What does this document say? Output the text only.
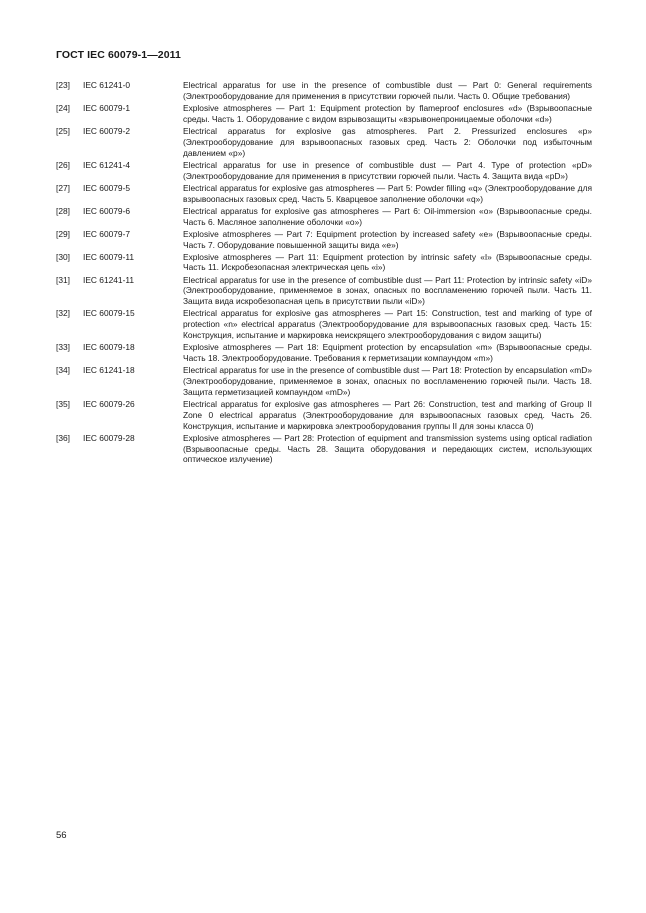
ГОСТ IEC 60079-1—2011
[23] IEC 61241-0	Electrical apparatus for use in the presence of combustible dust — Part 0: General requirements (Электрооборудование для применения в присутствии горючей пыли. Часть 0. Общие требования)
[24] IEC 60079-1	Explosive atmospheres — Part 1: Equipment protection by flameproof enclosures «d» (Взрывоопасные среды. Часть 1. Оборудование с видом взрывозащиты «взрывонепроницаемые оболочки «d»)
[25] IEC 60079-2	Electrical apparatus for explosive gas atmospheres. Part 2. Pressurized enclosures «p» (Электрооборудование для взрывоопасных газовых сред. Часть 2: Оболочки под избыточным давлением «p»)
[26] IEC 61241-4	Electrical apparatus for use in presence of combustible dust — Part 4. Type of protection «pD» (Электрооборудование для применения в присутствии горючей пыли. Часть 4. Защита вида «pD»)
[27] IEC 60079-5	Electrical apparatus for explosive gas atmospheres — Part 5: Powder filling «q» (Электрооборудование для взрывоопасных газовых сред. Часть 5. Кварцевое заполнение оболочки «q»)
[28] IEC 60079-6	Electrical apparatus for explosive gas atmospheres — Part 6: Oil-immersion «o» (Взрывоопасные среды. Часть 6. Масляное заполнение оболочки «o»)
[29] IEC 60079-7	Explosive atmospheres — Part 7: Equipment protection by increased safety «e» (Взрывоопасные среды. Часть 7. Оборудование повышенной защиты вида «e»)
[30] IEC 60079-11	Explosive atmospheres — Part 11: Equipment protection by intrinsic safety «I» (Взрывоопасные среды. Часть 11. Искробезопасная электрическая цепь «i»)
[31] IEC 61241-11	Electrical apparatus for use in the presence of combustible dust — Part 11: Protection by intrinsic safety «iD» (Электрооборудование, применяемое в зонах, опасных по воспламенению горючей пыли. Часть 11. Защита вида искробезопасная цепь в присутствии пыли «iD»)
[32] IEC 60079-15	Electrical apparatus for explosive gas atmospheres — Part 15: Construction, test and marking of type of protection «n» electrical apparatus (Электрооборудование для взрывоопасных газовых сред. Часть 15: Конструкция, испытание и маркировка неискрящего электрооборудования с видом защиты)
[33] IEC 60079-18	Explosive atmospheres — Part 18: Equipment protection by encapsulation «m» (Взрывоопасные среды. Часть 18. Электрооборудование. Требования к герметизации компаундом «m»)
[34] IEC 61241-18	Electrical apparatus for use in the presence of combustible dust — Part 18: Protection by encapsulation «mD» (Электрооборудование, применяемое в зонах, опасных по воспламенению горючей пыли. Часть 18. Защита герметизацией компаундом «mD»)
[35] IEC 60079-26	Electrical apparatus for explosive gas atmospheres — Part 26: Construction, test and marking of Group II Zone 0 electrical apparatus (Электрооборудование для взрывоопасных газовых сред. Часть 26. Конструкция, испытание и маркировка электрооборудования группы II для зоны класса 0)
[36] IEC 60079-28	Explosive atmospheres — Part 28: Protection of equipment and transmission systems using optical radiation (Взрывоопасные среды. Часть 28. Защита оборудования и передающих систем, использующих оптическое излучение)
56
